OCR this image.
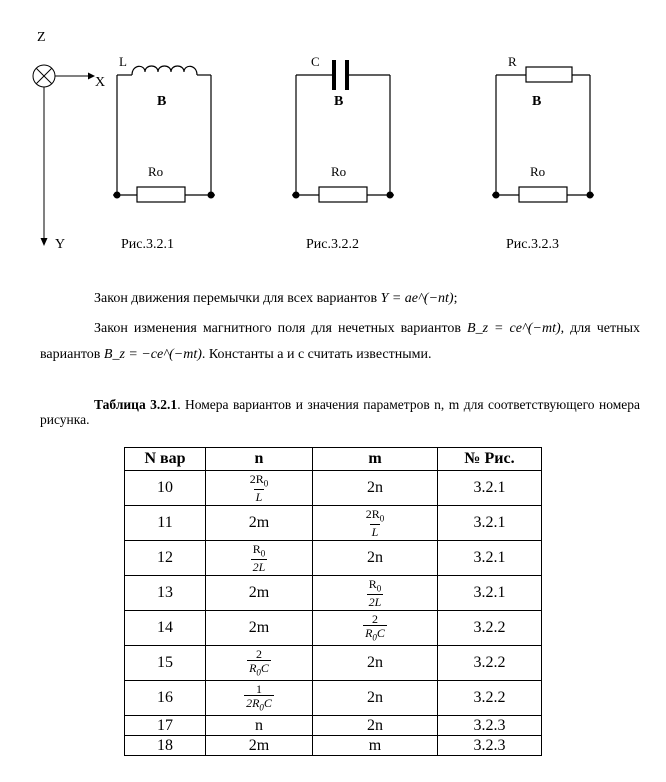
Z
X
Y
L
B
Ro
Рис.3.2.1
C
B
Ro
Рис.3.2.2
R
B
Ro
Рис.3.2.3
Закон движения перемычки для всех вариантов Y = ae^(−nt);
Закон изменения магнитного поля для нечетных вариантов B_z = ce^(−mt), для четных вариантов B_z = −ce^(−mt). Константы a и c считать известными.
Таблица 3.2.1. Номера вариантов и значения параметров n, m для соответствующего номера рисунка.
N вар	n	m	№ Рис.
10	$\frac{2R_0}{L}$	2n	3.2.1
11	2m	$\frac{2R_0}{L}$	3.2.1
12	$\frac{R_0}{2L}$	2n	3.2.1
13	2m	$\frac{R_0}{2L}$	3.2.1
14	2m	$\frac{2}{R_0C}$	3.2.2
15	$\frac{2}{R_0C}$	2n	3.2.2
16	$\frac{1}{2R_0C}$	2n	3.2.2
17	n	2n	3.2.3
18	2m	m	3.2.3
